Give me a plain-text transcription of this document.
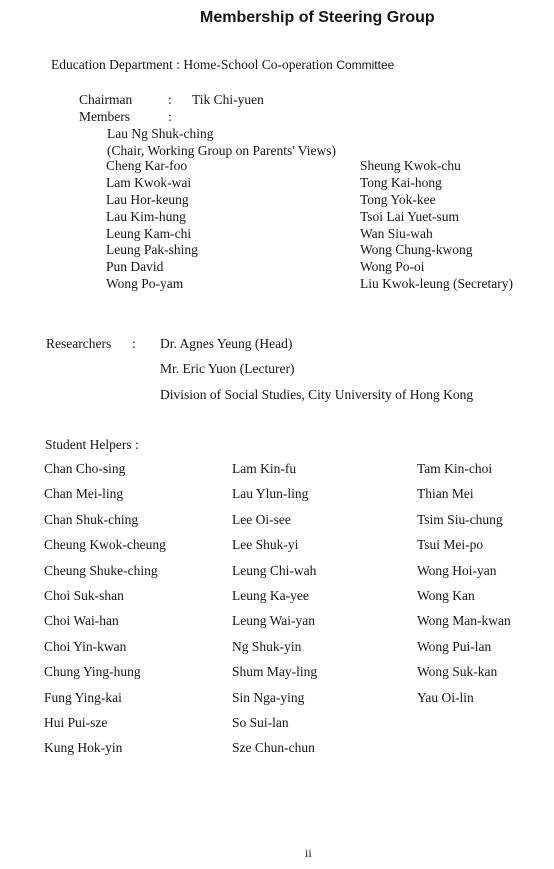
Membership of Steering Group
Education Department : Home-School Co-operation Committee
Chairman	: Tik Chi-yuen
Members	:
Lau Ng Shuk-ching
(Chair, Working Group on Parents' Views)
Cheng Kar-foo
Lam Kwok-wai
Lau Hor-keung
Lau Kim-hung
Leung Kam-chi
Leung Pak-shing
Pun David
Wong Po-yam
Sheung Kwok-chu
Tong Kai-hong
Tong Yok-kee
Tsoi Lai Yuet-sum
Wan Siu-wah
Wong Chung-kwong
Wong Po-oi
Liu Kwok-leung (Secretary)
Researchers : Dr. Agnes Yeung (Head)
Mr. Eric Yuon (Lecturer)
Division of Social Studies, City University of Hong Kong
Student Helpers :
Chan Cho-sing
Chan Mei-ling
Chan Shuk-ching
Cheung Kwok-cheung
Cheung Shuke-ching
Choi Suk-shan
Choi Wai-han
Choi Yin-kwan
Chung Ying-hung
Fung Ying-kai
Hui Pui-sze
Kung Hok-yin
Lam Kin-fu
Lau Ylun-ling
Lee Oi-see
Lee Shuk-yi
Leung Chi-wah
Leung Ka-yee
Leung Wai-yan
Ng Shuk-yin
Shum May-ling
Sin Nga-ying
So Sui-lan
Sze Chun-chun
Tam Kin-choi
Thian Mei
Tsim Siu-chung
Tsui Mei-po
Wong Hoi-yan
Wong Kan
Wong Man-kwan
Wong Pui-lan
Wong Suk-kan
Yau Oi-lin
ii
